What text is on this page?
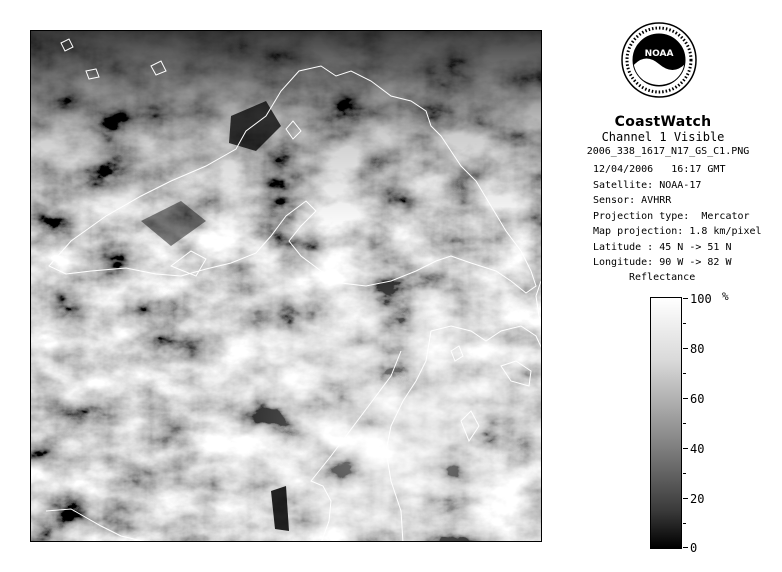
NOAA
CoastWatch
Channel 1 Visible
2006_338_1617_N17_GS_C1.PNG
12/04/2006 16:17 GMT
Satellite: NOAA-17
Sensor: AVHRR
Projection type:  Mercator
Map projection: 1.8 km/pixel
Latitude : 45 N -> 51 N
Longitude: 90 W -> 82 W
Reflectance
%
100
80
60
40
20
0
